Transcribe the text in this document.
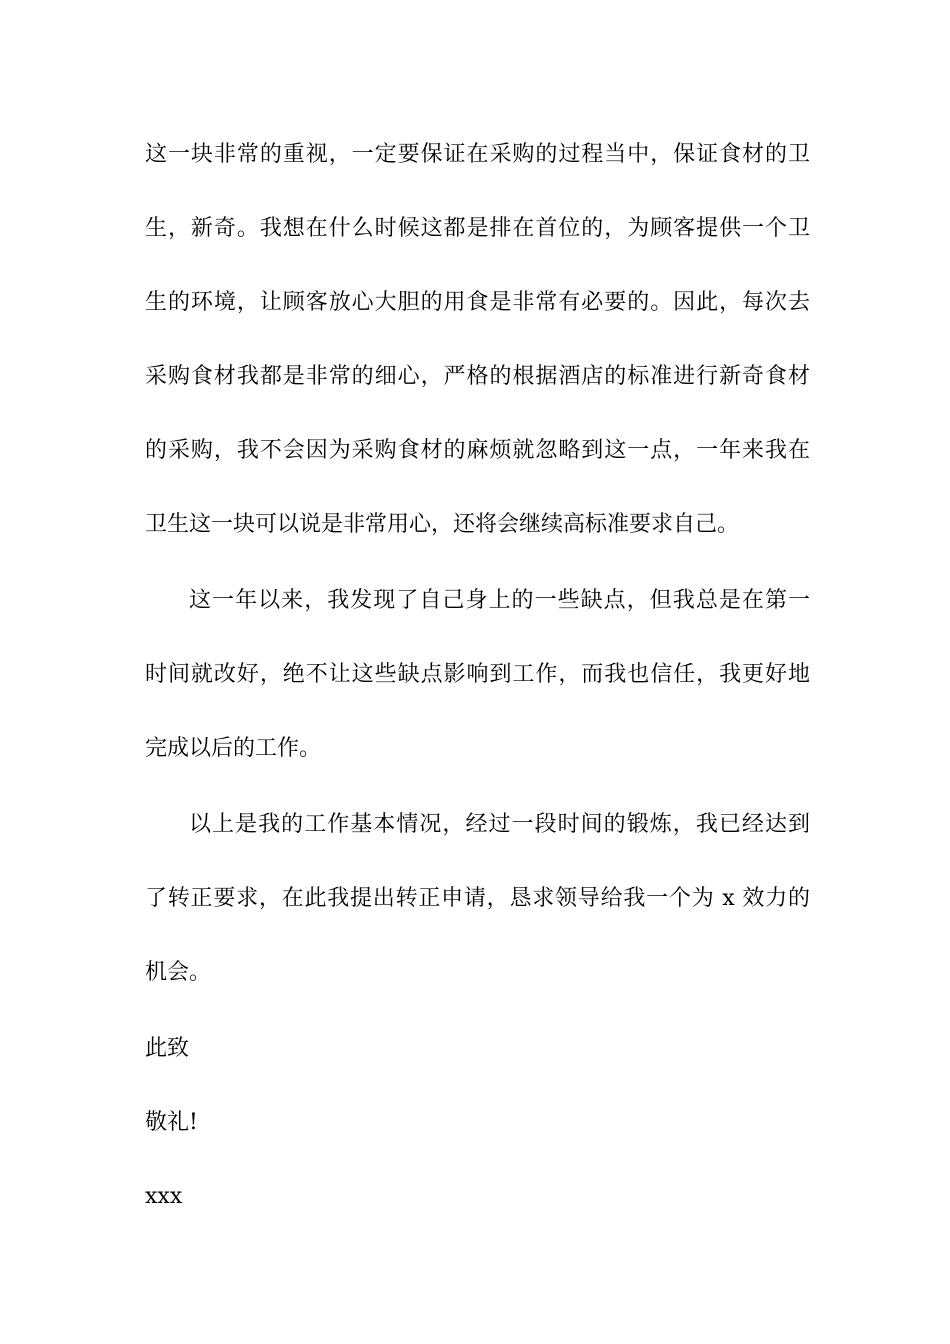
这一块非常的重视，一定要保证在采购的过程当中，保证食材的卫
生，新奇。我想在什么时候这都是排在首位的，为顾客提供一个卫
生的环境，让顾客放心大胆的用食是非常有必要的。因此，每次去
采购食材我都是非常的细心，严格的根据酒店的标准进行新奇食材
的采购，我不会因为采购食材的麻烦就忽略到这一点，一年来我在
卫生这一块可以说是非常用心，还将会继续高标准要求自己。
这一年以来，我发现了自己身上的一些缺点，但我总是在第一
时间就改好，绝不让这些缺点影响到工作，而我也信任，我更好地
完成以后的工作。
以上是我的工作基本情况，经过一段时间的锻炼，我已经达到
了转正要求，在此我提出转正申请，恳求领导给我一个为 x 效力的
机会。
此致
敬礼!
xxx
